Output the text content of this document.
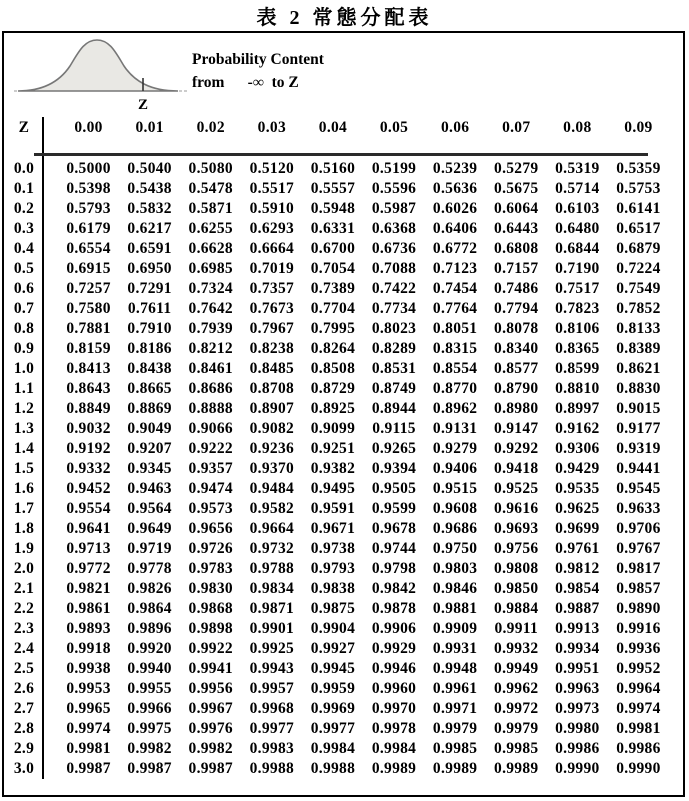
表 2 常態分配表
Z
Probability Content
from      -∞  to Z
Z	0.00	0.01	0.02	0.03	0.04	0.05	0.06	0.07	0.08	0.09
0.0	0.5000	0.5040	0.5080	0.5120	0.5160	0.5199	0.5239	0.5279	0.5319	0.5359
0.1	0.5398	0.5438	0.5478	0.5517	0.5557	0.5596	0.5636	0.5675	0.5714	0.5753
0.2	0.5793	0.5832	0.5871	0.5910	0.5948	0.5987	0.6026	0.6064	0.6103	0.6141
0.3	0.6179	0.6217	0.6255	0.6293	0.6331	0.6368	0.6406	0.6443	0.6480	0.6517
0.4	0.6554	0.6591	0.6628	0.6664	0.6700	0.6736	0.6772	0.6808	0.6844	0.6879
0.5	0.6915	0.6950	0.6985	0.7019	0.7054	0.7088	0.7123	0.7157	0.7190	0.7224
0.6	0.7257	0.7291	0.7324	0.7357	0.7389	0.7422	0.7454	0.7486	0.7517	0.7549
0.7	0.7580	0.7611	0.7642	0.7673	0.7704	0.7734	0.7764	0.7794	0.7823	0.7852
0.8	0.7881	0.7910	0.7939	0.7967	0.7995	0.8023	0.8051	0.8078	0.8106	0.8133
0.9	0.8159	0.8186	0.8212	0.8238	0.8264	0.8289	0.8315	0.8340	0.8365	0.8389
1.0	0.8413	0.8438	0.8461	0.8485	0.8508	0.8531	0.8554	0.8577	0.8599	0.8621
1.1	0.8643	0.8665	0.8686	0.8708	0.8729	0.8749	0.8770	0.8790	0.8810	0.8830
1.2	0.8849	0.8869	0.8888	0.8907	0.8925	0.8944	0.8962	0.8980	0.8997	0.9015
1.3	0.9032	0.9049	0.9066	0.9082	0.9099	0.9115	0.9131	0.9147	0.9162	0.9177
1.4	0.9192	0.9207	0.9222	0.9236	0.9251	0.9265	0.9279	0.9292	0.9306	0.9319
1.5	0.9332	0.9345	0.9357	0.9370	0.9382	0.9394	0.9406	0.9418	0.9429	0.9441
1.6	0.9452	0.9463	0.9474	0.9484	0.9495	0.9505	0.9515	0.9525	0.9535	0.9545
1.7	0.9554	0.9564	0.9573	0.9582	0.9591	0.9599	0.9608	0.9616	0.9625	0.9633
1.8	0.9641	0.9649	0.9656	0.9664	0.9671	0.9678	0.9686	0.9693	0.9699	0.9706
1.9	0.9713	0.9719	0.9726	0.9732	0.9738	0.9744	0.9750	0.9756	0.9761	0.9767
2.0	0.9772	0.9778	0.9783	0.9788	0.9793	0.9798	0.9803	0.9808	0.9812	0.9817
2.1	0.9821	0.9826	0.9830	0.9834	0.9838	0.9842	0.9846	0.9850	0.9854	0.9857
2.2	0.9861	0.9864	0.9868	0.9871	0.9875	0.9878	0.9881	0.9884	0.9887	0.9890
2.3	0.9893	0.9896	0.9898	0.9901	0.9904	0.9906	0.9909	0.9911	0.9913	0.9916
2.4	0.9918	0.9920	0.9922	0.9925	0.9927	0.9929	0.9931	0.9932	0.9934	0.9936
2.5	0.9938	0.9940	0.9941	0.9943	0.9945	0.9946	0.9948	0.9949	0.9951	0.9952
2.6	0.9953	0.9955	0.9956	0.9957	0.9959	0.9960	0.9961	0.9962	0.9963	0.9964
2.7	0.9965	0.9966	0.9967	0.9968	0.9969	0.9970	0.9971	0.9972	0.9973	0.9974
2.8	0.9974	0.9975	0.9976	0.9977	0.9977	0.9978	0.9979	0.9979	0.9980	0.9981
2.9	0.9981	0.9982	0.9982	0.9983	0.9984	0.9984	0.9985	0.9985	0.9986	0.9986
3.0	0.9987	0.9987	0.9987	0.9988	0.9988	0.9989	0.9989	0.9989	0.9990	0.9990
